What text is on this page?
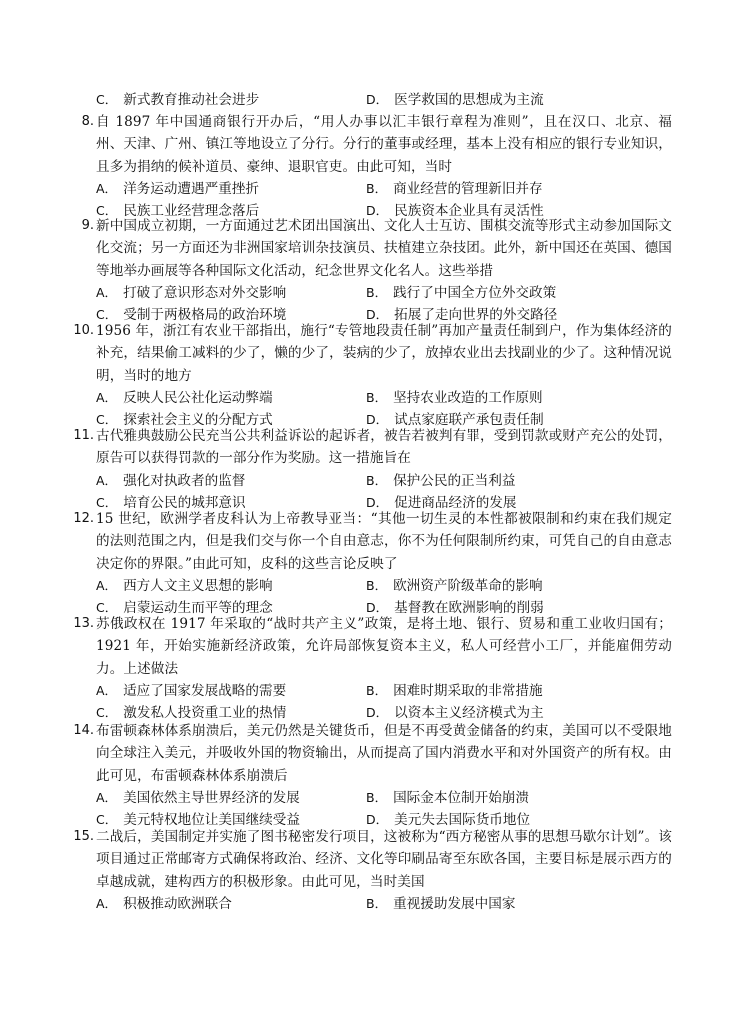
C． 新式教育推动社会进步	D． 医学救国的思想成为主流
8. 自 1897 年中国通商银行开办后，“用人办事以汇丰银行章程为准则”，且在汉口、北京、福州、天津、广州、镇江等地设立了分行。分行的董事或经理，基本上没有相应的银行专业知识，且多为捐纳的候补道员、豪绅、退职官吏。由此可知，当时
A． 洋务运动遭遇严重挫折	B． 商业经营的管理新旧并存
C． 民族工业经营理念落后	D． 民族资本企业具有灵活性
9. 新中国成立初期，一方面通过艺术团出国演出、文化人士互访、围棋交流等形式主动参加国际文化交流；另一方面还为非洲国家培训杂技演员、扶植建立杂技团。此外，新中国还在英国、德国等地举办画展等各种国际文化活动，纪念世界文化名人。这些举措
A． 打破了意识形态对外交影响	B． 践行了中国全方位外交政策
C． 受制于两极格局的政治环境	D． 拓展了走向世界的外交路径
10. 1956 年，浙江有农业干部指出，施行“专管地段责任制”再加产量责任制到户，作为集体经济的补充，结果偷工减料的少了，懒的少了，装病的少了，放掉农业出去找副业的少了。这种情况说明，当时的地方
A． 反映人民公社化运动弊端	B． 坚持农业改造的工作原则
C． 探索社会主义的分配方式	D． 试点家庭联产承包责任制
11. 古代雅典鼓励公民充当公共利益诉讼的起诉者，被告若被判有罪，受到罚款或财产充公的处罚，原告可以获得罚款的一部分作为奖励。这一措施旨在
A． 强化对执政者的监督	B． 保护公民的正当利益
C． 培育公民的城邦意识	D． 促进商品经济的发展
12. 15 世纪，欧洲学者皮科认为上帝教导亚当：“其他一切生灵的本性都被限制和约束在我们规定的法则范围之内，但是我们交与你一个自由意志，你不为任何限制所约束，可凭自己的自由意志决定你的界限。”由此可知，皮科的这些言论反映了
A． 西方人文主义思想的影响	B． 欧洲资产阶级革命的影响
C． 启蒙运动生而平等的理念	D． 基督教在欧洲影响的削弱
13. 苏俄政权在 1917 年采取的“战时共产主义”政策，是将土地、银行、贸易和重工业收归国有；1921 年，开始实施新经济政策，允许局部恢复资本主义，私人可经营小工厂，并能雇佣劳动力。上述做法
A． 适应了国家发展战略的需要	B． 困难时期采取的非常措施
C． 激发私人投资重工业的热情	D． 以资本主义经济模式为主
14. 布雷顿森林体系崩溃后，美元仍然是关键货币，但是不再受黄金储备的约束，美国可以不受限地向全球注入美元，并吸收外国的物资输出，从而提高了国内消费水平和对外国资产的所有权。由此可见，布雷顿森林体系崩溃后
A． 美国依然主导世界经济的发展	B． 国际金本位制开始崩溃
C． 美元特权地位让美国继续受益	D． 美元失去国际货币地位
15. 二战后，美国制定并实施了图书秘密发行项目，这被称为“西方秘密从事的思想马歇尔计划”。该项目通过正常邮寄方式确保将政治、经济、文化等印刷品寄至东欧各国，主要目标是展示西方的卓越成就，建构西方的积极形象。由此可见，当时美国
A． 积极推动欧洲联合	B． 重视援助发展中国家
